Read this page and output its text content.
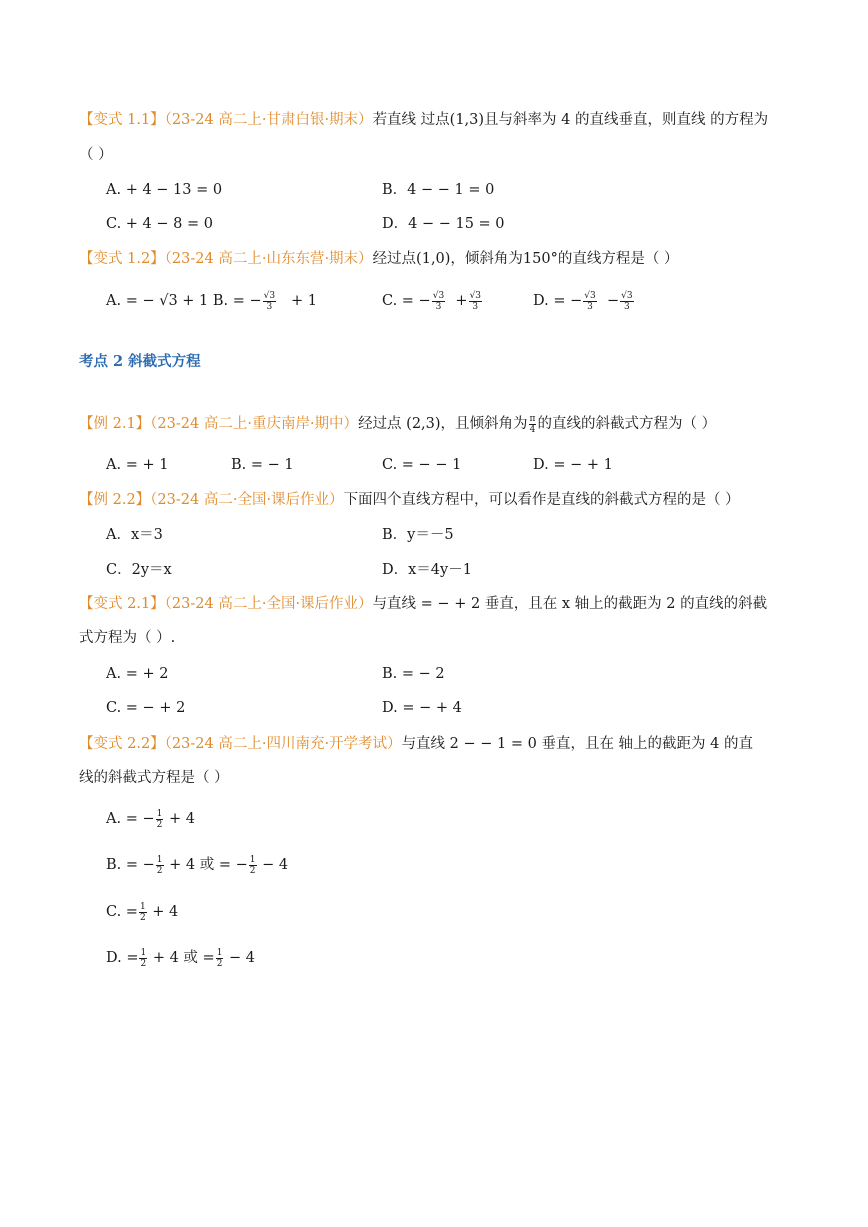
【变式 1.1】（23-24 高二上·甘肃白银·期末）若直线 过点(1,3)且与斜率为 4 的直线垂直，则直线 的方程为
（ ）
A. + 4 − 13 = 0	B．4 − − 1 = 0
C. + 4 − 8 = 0	D．4 − − 15 = 0
【变式 1.2】（23-24 高二上·山东东营·期末）经过点(1,0)，倾斜角为150°的直线方程是（ ）
A. = − √3 + 1 B. = − $\frac{√3}{3} + 1$	C. = − $\frac{√3}{3} + \frac{√3}{3}$	D. = − $\frac{√3}{3} - \frac{√3}{3}$
考点 2 斜截式方程
【例 2.1】（23-24 高二上·重庆南岸·期中）经过点 (2,3)，且倾斜角为 $\frac{\pi}{4}$ 的直线的斜截式方程为（ ）
A. = + 1	B. = − 1	C. = − − 1	D. = − + 1
【例 2.2】（23-24 高二·全国·课后作业）下面四个直线方程中，可以看作是直线的斜截式方程的是（ ）
A．x＝3	B．y＝－5
C．2y＝x	D．x＝4y－1
【变式 2.1】（23-24 高二上·全国·课后作业）与直线 = − + 2 垂直，且在 x 轴上的截距为 2 的直线的斜截
式方程为（ ）.
A. = + 2	B. = − 2
C. = − + 2	D. = − + 4
【变式 2.2】（23-24 高二上·四川南充·开学考试）与直线 2 − − 1 = 0 垂直，且在 轴上的截距为 4 的直
线的斜截式方程是（ ）
A. = − $\frac{1}{2} + 4$
B. = − $\frac{1}{2} + 4$ 或 = − $\frac{1}{2} - 4$
C. = $\frac{1}{2} + 4$
D. = $\frac{1}{2} + 4$ 或 = $\frac{1}{2} - 4$
